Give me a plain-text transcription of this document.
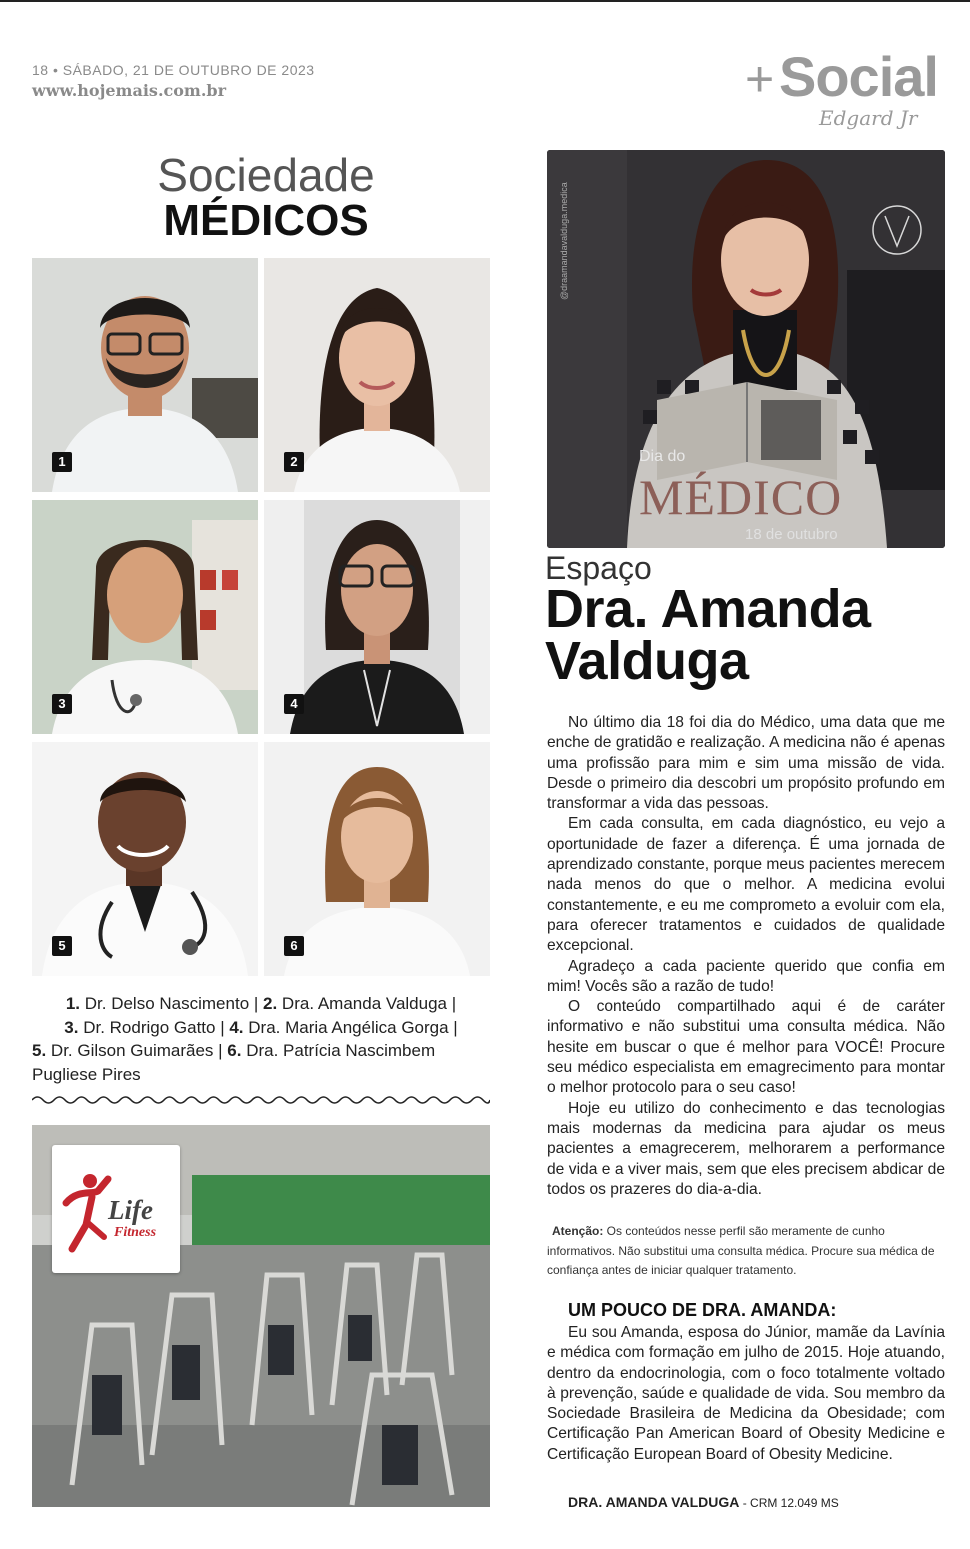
18 • SÁBADO, 21 DE OUTUBRO DE 2023
www.hojemais.com.br	+ Social
Edgard Jr
Sociedade
MÉDICOS
1	2
3	4
5	6

1. Dr. Delso Nascimento | 2. Dra. Amanda Valduga |

3. Dr. Rodrigo Gatto | 4. Dra. Maria Angélica Gorga |

5. Dr. Gilson Guimarães | 6. Dra. Patrícia Nascimbem Pugliese Pires

Life
Fitness
@draamandavalduga.medica
Dia do
MÉDICO
18 de outubro
Espaço
Dra. Amanda
Valduga

No último dia 18 foi dia do Médico, uma data que me enche de gratidão e realização. A medicina não é apenas uma profissão para mim e sim uma missão de vida. Desde o primeiro dia descobri um propósito profundo em transformar a vida das pessoas.

Em cada consulta, em cada diagnóstico, eu vejo a oportunidade de fazer a diferença. É uma jornada de aprendizado constante, porque meus pacientes merecem nada menos do que o melhor. A medicina evolui constantemente, e eu me comprometo a evoluir com ela, para oferecer tratamentos e cuidados de qualidade excepcional.

Agradeço a cada paciente querido que confia em mim! Vocês são a razão de tudo!

O conteúdo compartilhado aqui é de caráter informativo e não substitui uma consulta médica. Não hesite em buscar o que é melhor para VOCÊ! Procure seu médico especialista em emagrecimento para montar o melhor protocolo para o seu caso!

Hoje eu utilizo do conhecimento e das tecnologias mais modernas da medicina para ajudar os meus pacientes a emagrecerem, melhorarem a performance de vida e a viver mais, sem que eles precisem abdicar de todos os prazeres do dia-a-dia.

Atenção: Os conteúdos nesse perfil são meramente de cunho informativos. Não substitui uma consulta médica. Procure sua médica de confiança antes de iniciar qualquer tratamento.
UM POUCO DE DRA. AMANDA:

Eu sou Amanda, esposa do Júnior, mamãe da Lavínia e médica com formação em julho de 2015. Hoje atuando, dentro da endocrinologia, com o foco totalmente voltado à prevenção, saúde e qualidade de vida. Sou membro da Sociedade Brasileira de Medicina da Obesidade; com Certificação Pan American Board of Obesity Medicine e Certificação European Board of Obesity Medicine.

DRA. AMANDA VALDUGA - CRM 12.049 MS
